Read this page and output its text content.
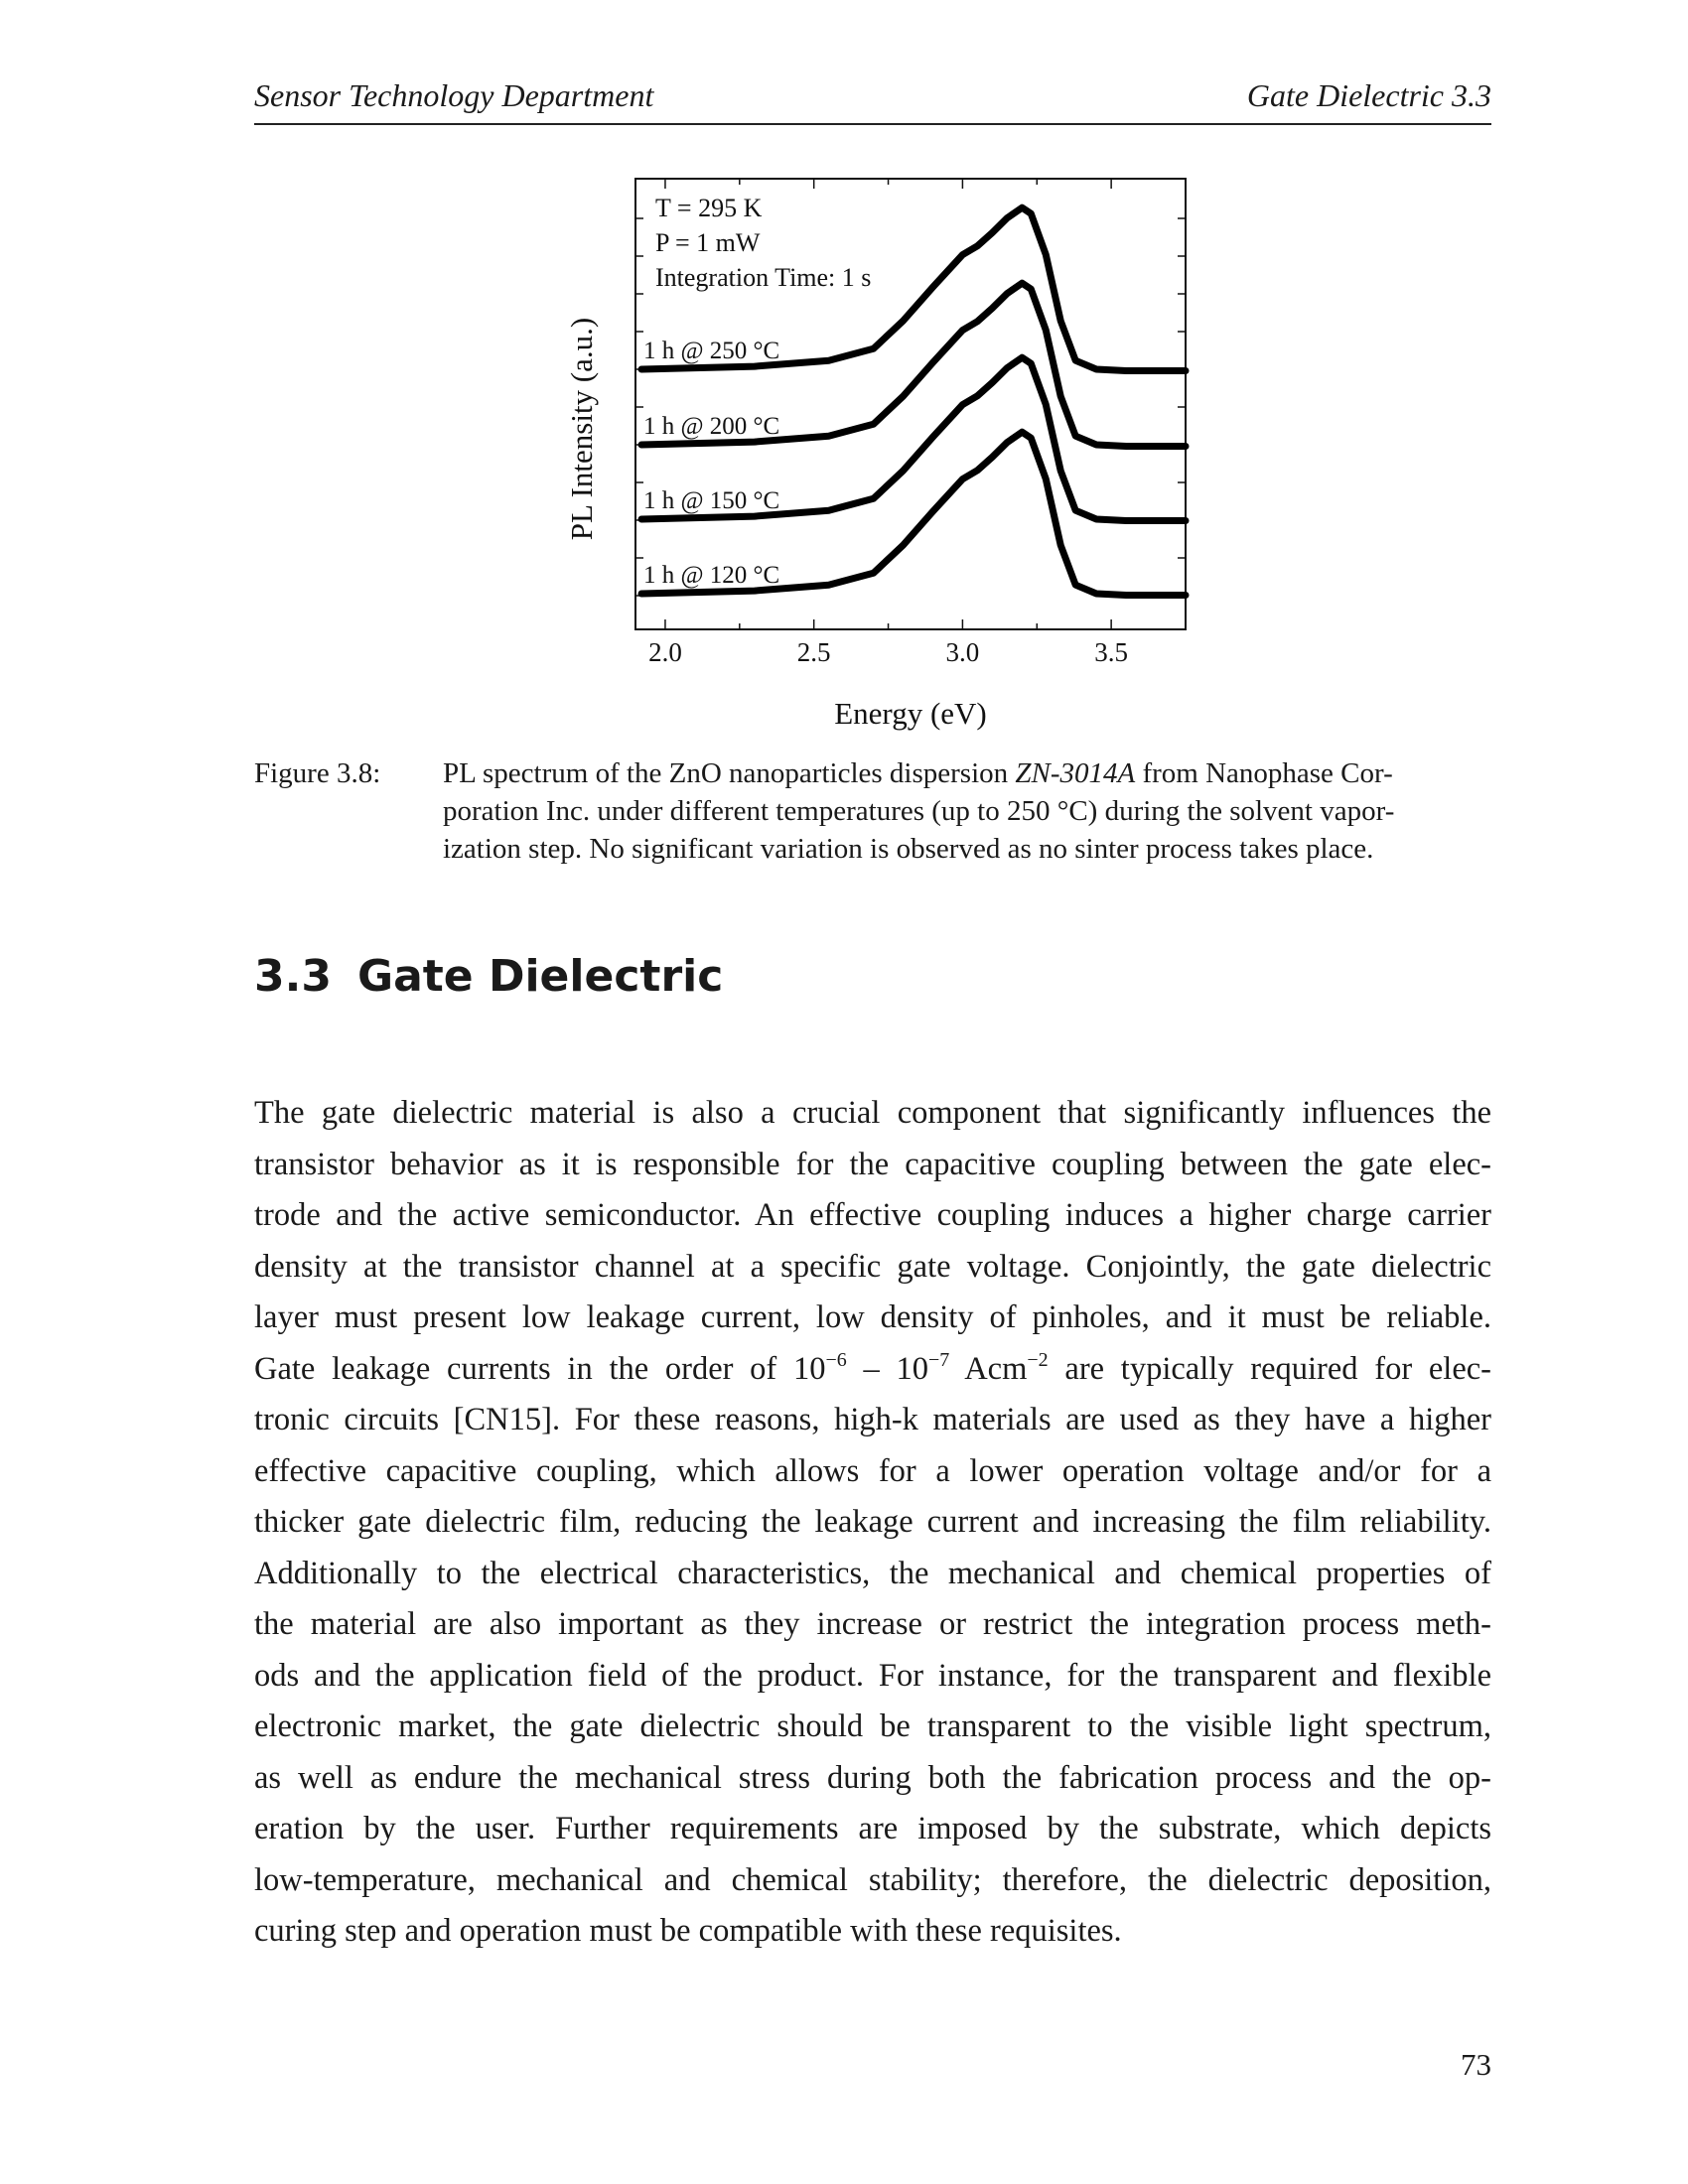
Sensor Technology Department	Gate Dielectric 3.3
2.0	2.5	3.0	3.5
1 h @ 250 °C
1 h @ 200 °C
1 h @ 150 °C
1 h @ 120 °C
T = 295 K
P = 1 mW
Integration Time: 1 s
Energy (eV)
PL Intensity (a.u.)
Figure 3.8: PL spectrum of the ZnO nanoparticles dispersion ZN-3014A from Nanophase Cor-
poration Inc. under different temperatures (up to 250 °C) during the solvent vapor-
ization step. No significant variation is observed as no sinter process takes place.
3.3 Gate Dielectric
The gate dielectric material is also a crucial component that significantly influences the
transistor behavior as it is responsible for the capacitive coupling between the gate elec-
trode and the active semiconductor. An effective coupling induces a higher charge carrier
density at the transistor channel at a specific gate voltage. Conjointly, the gate dielectric
layer must present low leakage current, low density of pinholes, and it must be reliable.
Gate leakage currents in the order of $10^{-6} - 10^{-7}$ Acm$^{-2}$ are typically required for elec-
tronic circuits [CN15]. For these reasons, high-k materials are used as they have a higher
effective capacitive coupling, which allows for a lower operation voltage and/or for a
thicker gate dielectric film, reducing the leakage current and increasing the film reliability.
Additionally to the electrical characteristics, the mechanical and chemical properties of
the material are also important as they increase or restrict the integration process meth-
ods and the application field of the product. For instance, for the transparent and flexible
electronic market, the gate dielectric should be transparent to the visible light spectrum,
as well as endure the mechanical stress during both the fabrication process and the op-
eration by the user. Further requirements are imposed by the substrate, which depicts
low-temperature, mechanical and chemical stability; therefore, the dielectric deposition,
curing step and operation must be compatible with these requisites.
73
